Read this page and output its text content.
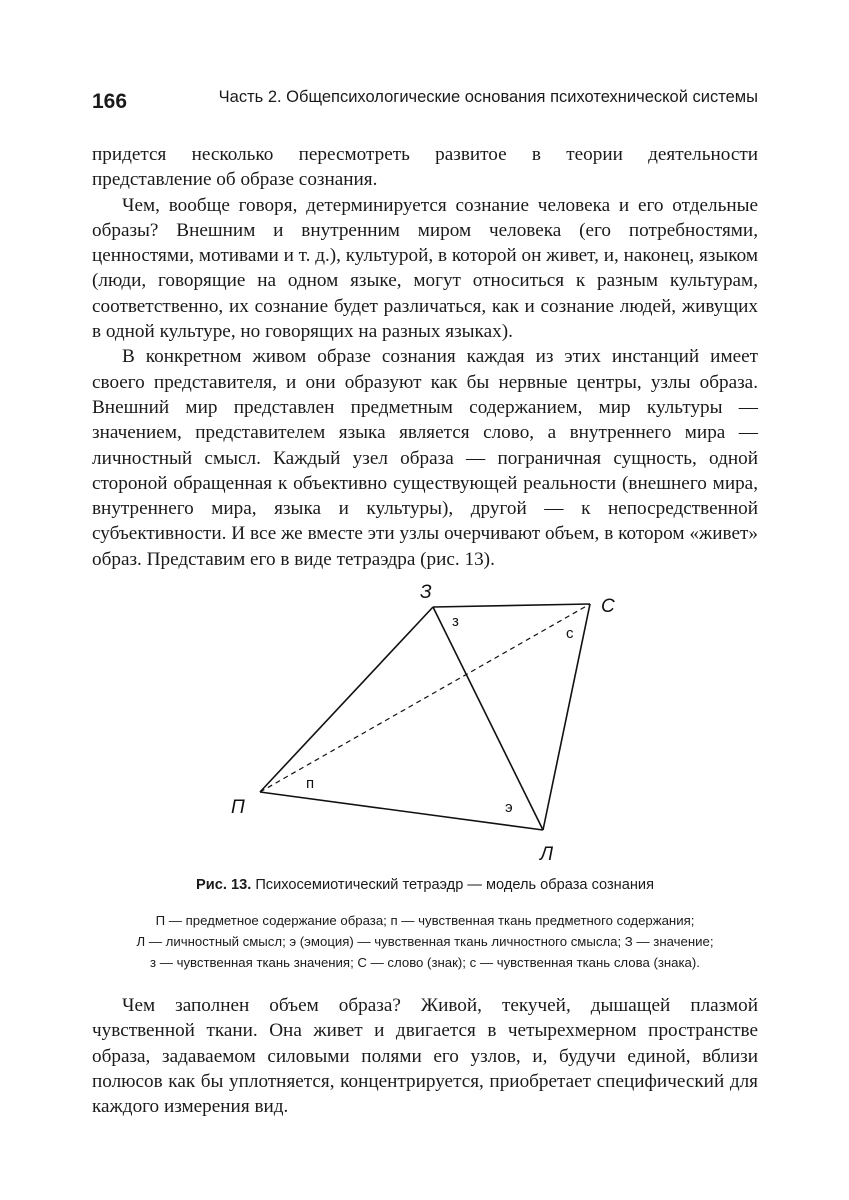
166	Часть 2. Общепсихологические основания психотехнической системы

придется несколько пересмотреть развитое в теории деятельности представление об образе сознания.

Чем, вообще говоря, детерминируется сознание человека и его отдельные образы? Внешним и внутренним миром человека (его потребностями, ценностями, мотивами и т. д.), культурой, в которой он живет, и, наконец, языком (люди, говорящие на одном языке, могут относиться к разным культурам, соответственно, их сознание будет различаться, как и сознание людей, живущих в одной культуре, но говорящих на разных языках).

В конкретном живом образе сознания каждая из этих инстанций имеет своего представителя, и они образуют как бы нервные центры, узлы образа. Внешний мир представлен предметным содержанием, мир культуры — значением, представителем языка является слово, а внутреннего мира — личностный смысл. Каждый узел образа — пограничная сущность, одной стороной обращенная к объективно существующей реальности (внешнего мира, внутреннего мира, языка и культуры), другой — к непосредственной субъективности. И все же вместе эти узлы очерчивают объем, в котором «живет» образ. Представим его в виде тетраэдра (рис. 13).

З
С
П
Л
з
с
п
э
Рис. 13. Психосемиотический тетраэдр — модель образа сознания
П — предметное содержание образа; п — чувственная ткань предметного содержания;
Л — личностный смысл; э (эмоция) — чувственная ткань личностного смысла; З — значение;
з — чувственная ткань значения; С — слово (знак); с — чувственная ткань слова (знака).

Чем заполнен объем образа? Живой, текучей, дышащей плазмой чувственной ткани. Она живет и двигается в четырехмерном пространстве образа, задаваемом силовыми полями его узлов, и, будучи единой, вблизи полюсов как бы уплотняется, концентрируется, приобретает специфический для каждого измерения вид.
